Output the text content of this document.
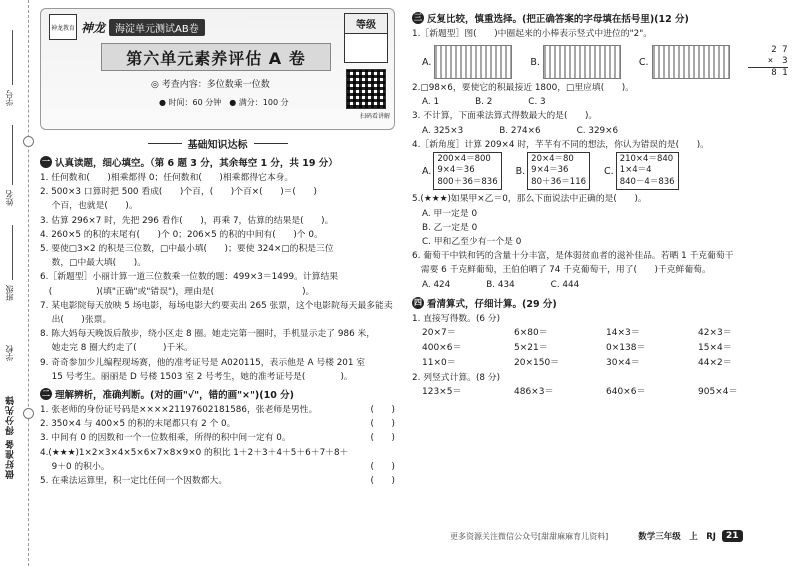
学号
姓名
班级
学校
做好准备 得分先锋
神龙教育 神龙	海淀单元测试AB卷	等级
第六单元素养评估 A 卷
◎ 考查内容：多位数乘一位数
● 时间：60 分钟 ● 满分：100 分
扫码看讲解
基础知识达标
一 认真读题，细心填空。（第 6 题 3 分，其余每空 1 分，共 19 分）
1. 任何数和(　　)相乘都得 0；任何数和(　　)相乘都得它本身。
2. 500×3 口算时把 500 看成(　　)个百，(　　)个百×(　　)＝(　　)
　 个百，也就是(　　)。
3. 估算 296×7 时，先把 296 看作(　　)，再乘 7，估算的结果是(　　)。
4. 260×5 的积的末尾有(　　)个 0；206×5 的积的中间有(　　)个 0。
5. 要使□3×2 的积是三位数，□中最小填(　　)；要使 324×□的积是三位
　 数，□中最大填(　　)。
6.［新题型］小丽计算一道三位数乘一位数的题：499×3＝1499。计算结果
　(　　　　　)(填"正确"或"错误")，理由是(　　　　　　　　　　)。
7. 某电影院每天放映 5 场电影，每场电影大约要卖出 265 张票，这个电影院每天最多能卖
　 出(　　)张票。
8. 陈大妈每天晚饭后散步，绕小区走 8 圈。她走完第一圈时，手机显示走了 986 米，
　 她走完 8 圈大约走了(　　　)千米。
9. 奇奇参加少儿编程现场赛，他的准考证号是 A020115，表示他是 A 号楼 201 室
　 15 号考生。丽丽是 D 号楼 1503 室 2 号考生，她的准考证号是(　　　　)。
二 理解辨析，准确判断。(对的画"√"，错的画"×")(10 分)
1. 张老师的身份证号码是××××21197602181586，张老师是男性。	(　　)
2. 350×4 与 400×5 的积的末尾都只有 2 个 0。	(　　)
3. 中间有 0 的因数和一个一位数相乘，所得的积中间一定有 0。	(　　)
4.(★★★)1×2×3×4×5×6×7×8×9×0 的积比 1＋2＋3＋4＋5＋6＋7＋8＋
　 9＋0 的积小。	(　　)
5. 在乘法运算里，积一定比任何一个因数都大。	(　　)
三 反复比较，慎重选择。(把正确答案的字母填在括号里)(12 分)
1.［新题型］图(　　)中圈起来的小棒表示竖式中进位的"2"。
A.	B.	C.
2 7
×　3
8 1
2.□98×6，要使它的积最接近 1800，□里应填(　　)。
A. 1	B. 2	C. 3
3. 不计算，下面乘法算式得数最大的是(　　)。
A. 325×3	B. 274×6	C. 329×6
4.［新角度］计算 209×4 时，芊芊有不同的想法，你认为错误的是(　　)。
A.
200×4＝800
9×4＝36
800＋36＝836
B.
20×4＝80
9×4＝36
80＋36＝116
C.
210×4＝840
1×4＝4
840－4＝836
5.(★★★)如果甲×乙＝0，那么下面说法中正确的是(　　)。
A. 甲一定是 0
B. 乙一定是 0
C. 甲和乙至少有一个是 0
6. 葡萄干中铁和钙的含量十分丰富，是体弱贫血者的滋补佳品。若晒 1 千克葡萄干
　需要 6 千克鲜葡萄，王伯伯晒了 74 千克葡萄干，用了(　　)千克鲜葡萄。
A. 424	B. 434	C. 444
四 看清算式，仔细计算。(29 分)
1. 直接写得数。(6 分)
20×7＝	6×80＝	14×3＝	42×3＝
400×6＝	5×21＝	0×138＝	15×4＝
11×0＝	20×150＝	30×4＝	44×2＝
2. 列竖式计算。(8 分)
123×5＝	486×3＝	640×6＝	905×4＝
更多资源关注微信公众号[甜甜麻麻育儿资料]	数学三年级　上　RJ	21
